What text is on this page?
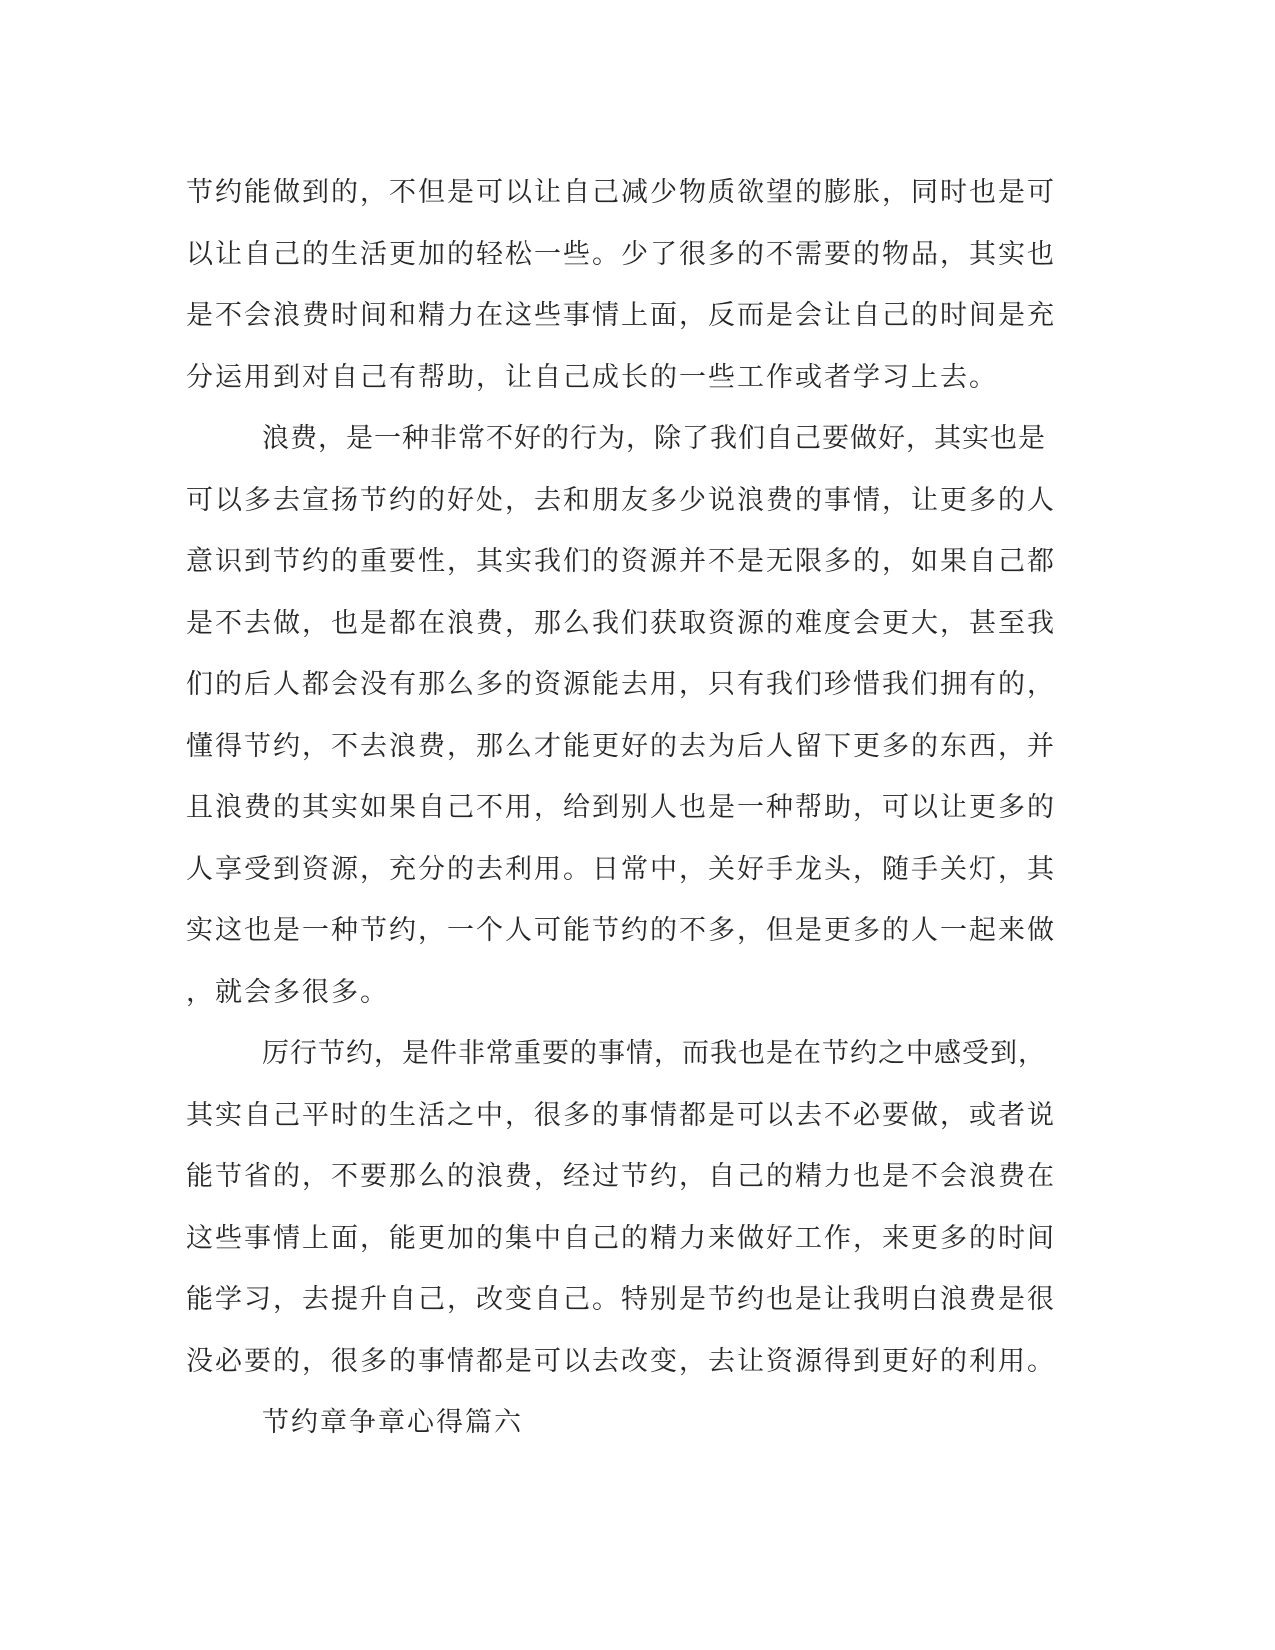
节约能做到的，不但是可以让自己减少物质欲望的膨胀，同时也是可
以让自己的生活更加的轻松一些。少了很多的不需要的物品，其实也
是不会浪费时间和精力在这些事情上面，反而是会让自己的时间是充
分运用到对自己有帮助，让自己成长的一些工作或者学习上去。
浪费，是一种非常不好的行为，除了我们自己要做好，其实也是
可以多去宣扬节约的好处，去和朋友多少说浪费的事情，让更多的人
意识到节约的重要性，其实我们的资源并不是无限多的，如果自己都
是不去做，也是都在浪费，那么我们获取资源的难度会更大，甚至我
们的后人都会没有那么多的资源能去用，只有我们珍惜我们拥有的，
懂得节约，不去浪费，那么才能更好的去为后人留下更多的东西，并
且浪费的其实如果自己不用，给到别人也是一种帮助，可以让更多的
人享受到资源，充分的去利用。日常中，关好手龙头，随手关灯，其
实这也是一种节约，一个人可能节约的不多，但是更多的人一起来做
，就会多很多。
厉行节约，是件非常重要的事情，而我也是在节约之中感受到，
其实自己平时的生活之中，很多的事情都是可以去不必要做，或者说
能节省的，不要那么的浪费，经过节约，自己的精力也是不会浪费在
这些事情上面，能更加的集中自己的精力来做好工作，来更多的时间
能学习，去提升自己，改变自己。特别是节约也是让我明白浪费是很
没必要的，很多的事情都是可以去改变，去让资源得到更好的利用。
节约章争章心得篇六
